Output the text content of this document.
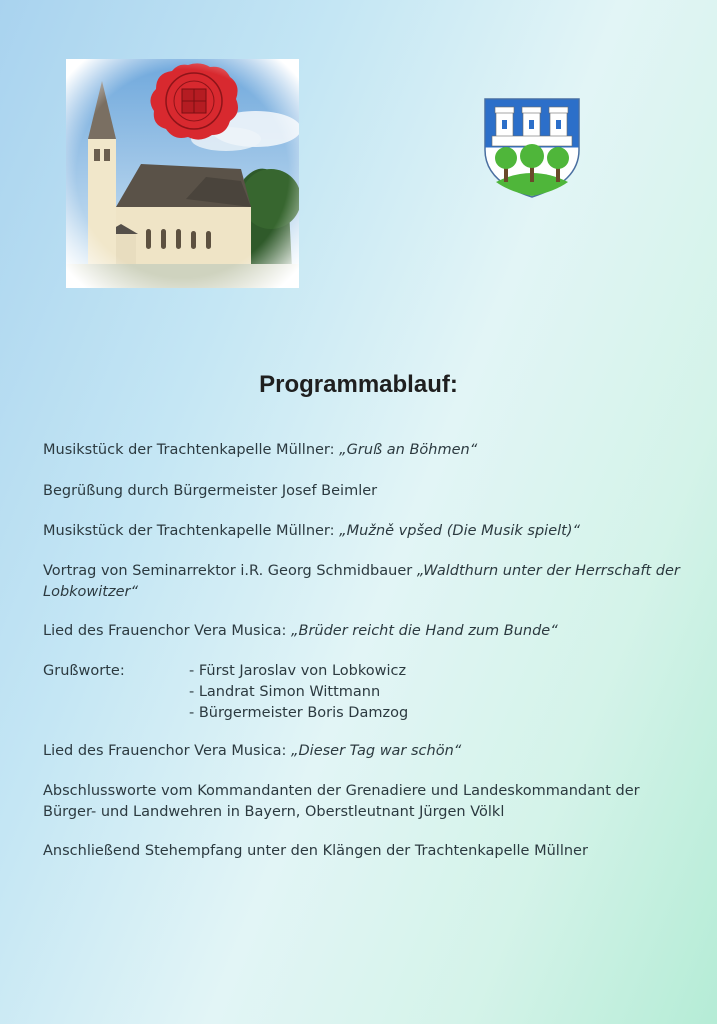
Programmablauf:
Musikstück der Trachtenkapelle Müllner: „Gruß an Böhmen“
Begrüßung durch Bürgermeister Josef Beimler
Musikstück der Trachtenkapelle Müllner: „Mužně vpšed (Die Musik spielt)“
Vortrag von Seminarrektor i.R. Georg Schmidbauer „Waldthurn unter der Herrschaft der Lobkowitzer“
Lied des Frauenchor Vera Musica: „Brüder reicht die Hand zum Bunde“
Grußworte:	- Fürst Jaroslav von Lobkowicz
- Landrat Simon Wittmann
- Bürgermeister Boris Damzog
Lied des Frauenchor Vera Musica: „Dieser Tag war schön“
Abschlussworte vom Kommandanten der Grenadiere und Landeskommandant der Bürger- und Landwehren in Bayern, Oberstleutnant Jürgen Völkl
Anschließend Stehempfang unter den Klängen der Trachtenkapelle Müllner
